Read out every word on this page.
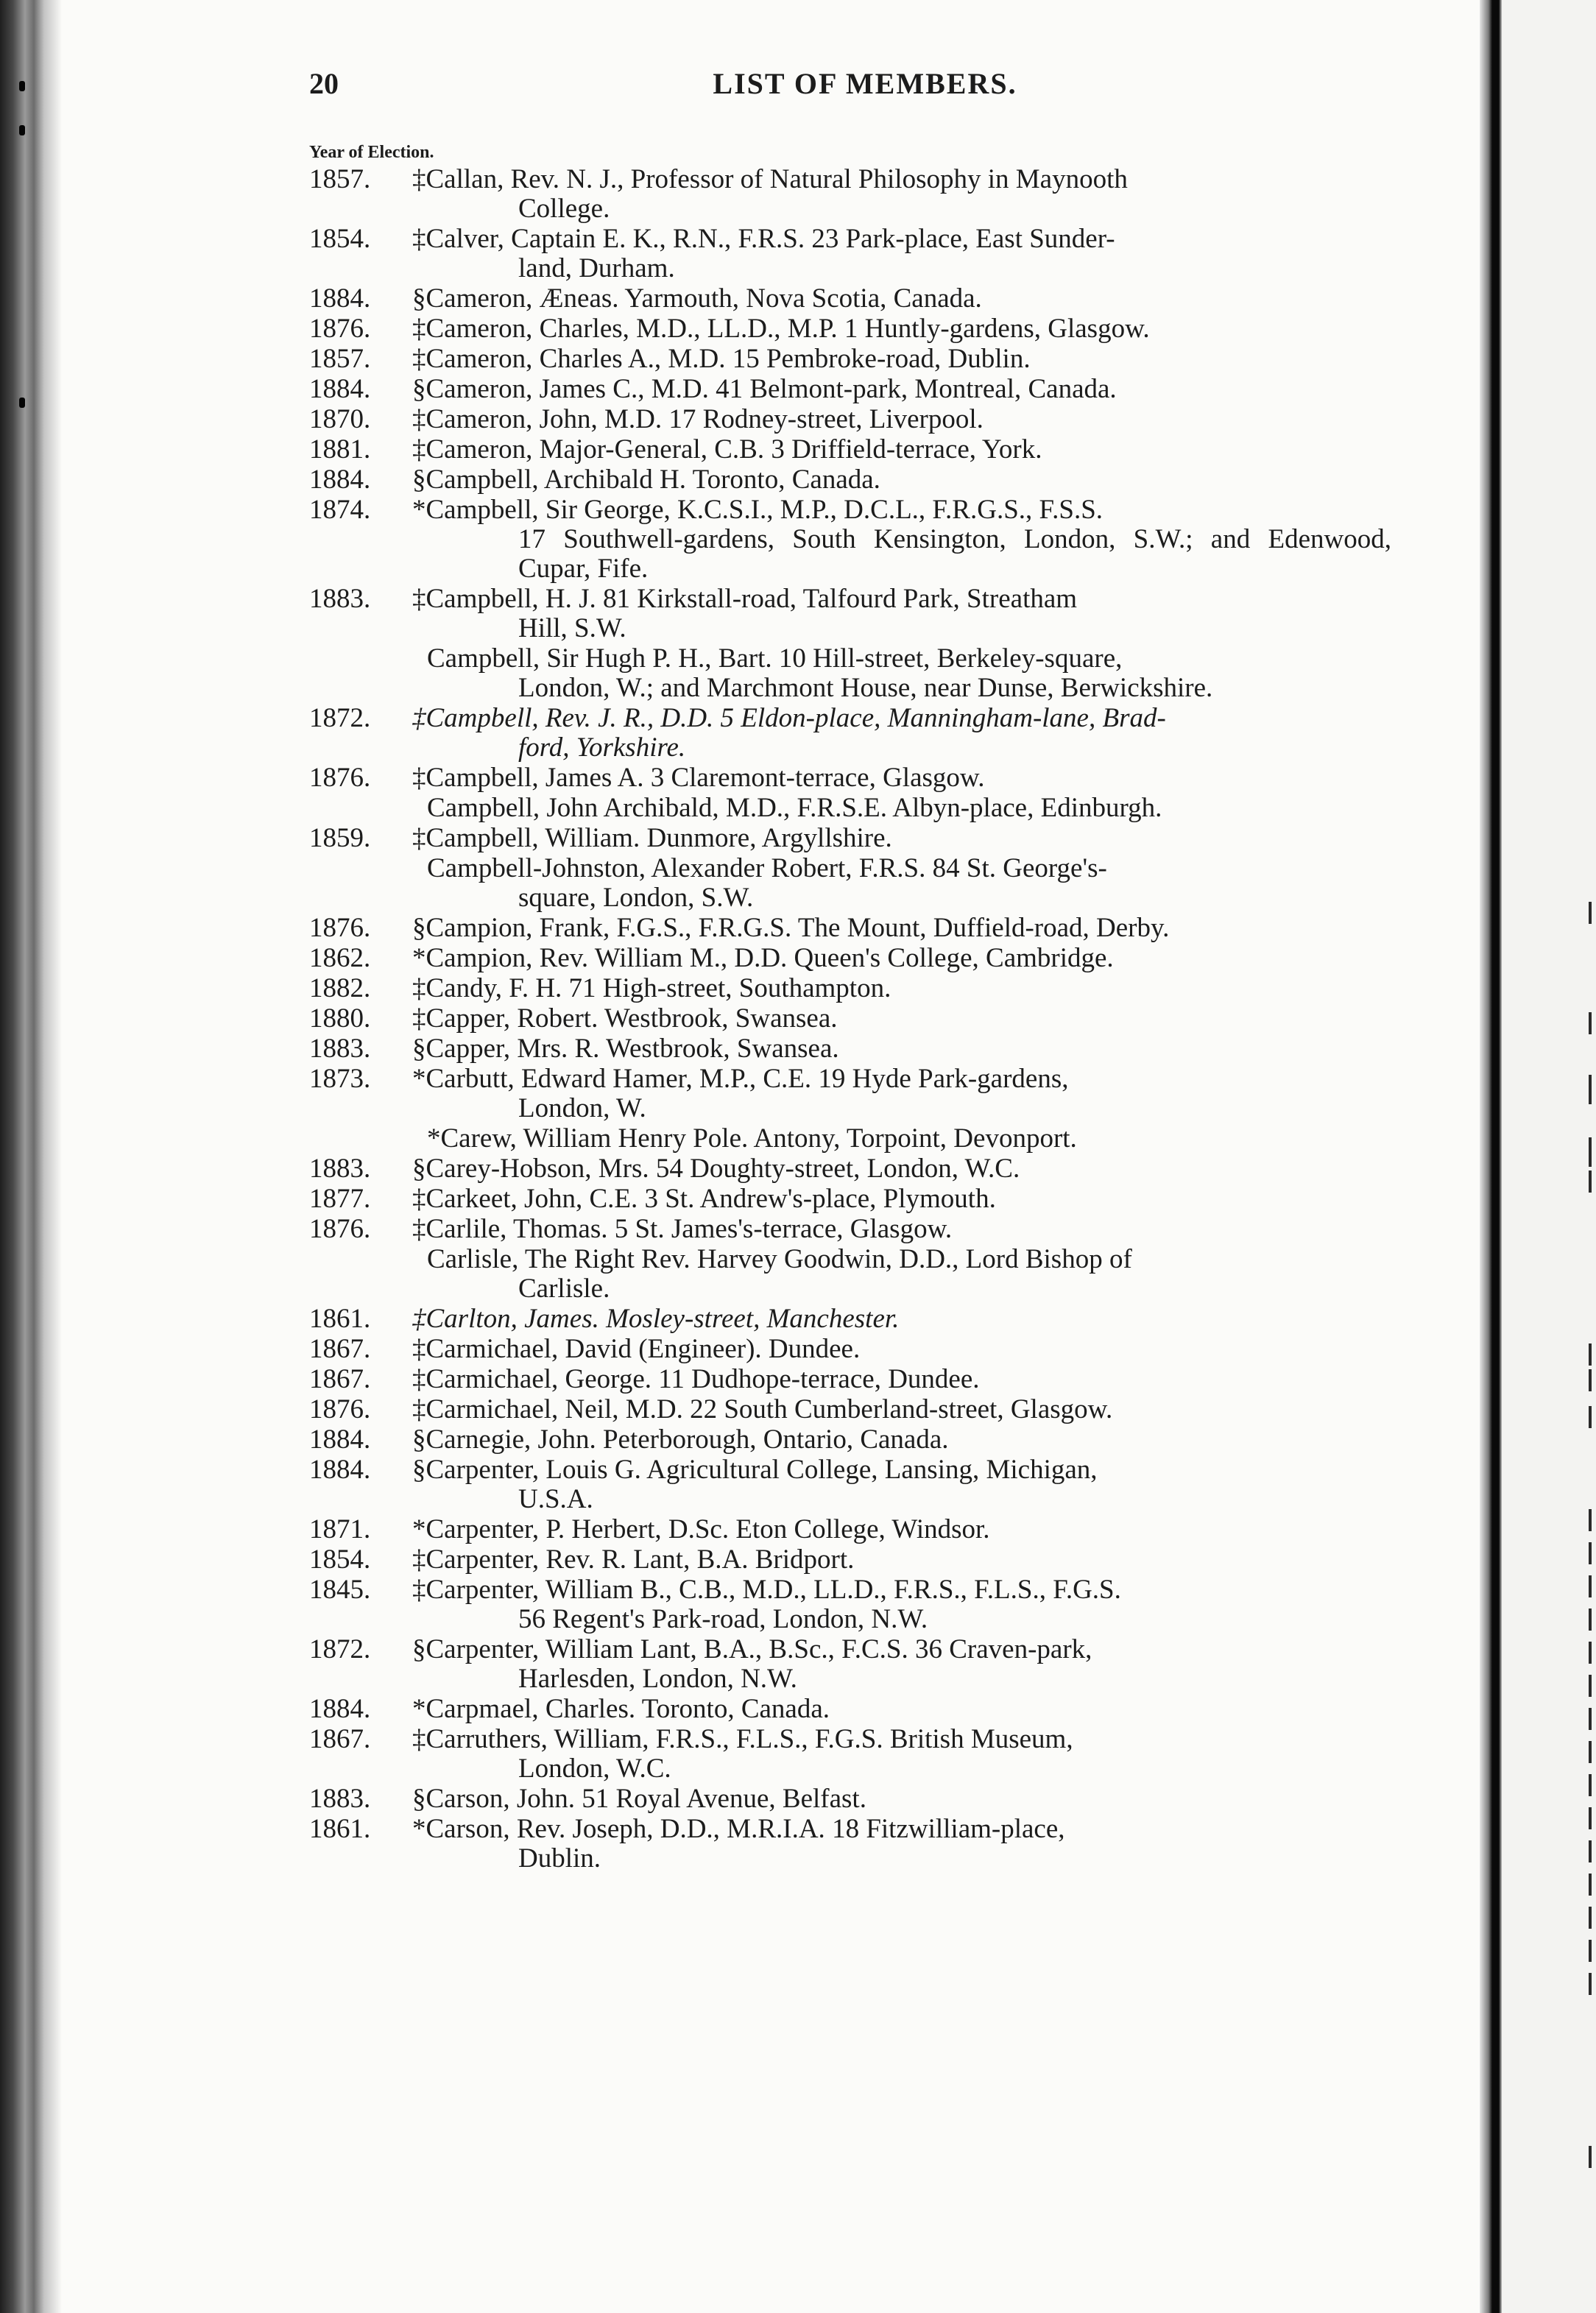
20	LIST OF MEMBERS.
Year of Election.
1857.	‡Callan, Rev. N. J., Professor of Natural Philosophy in Maynooth
College.
1854.	‡Calver, Captain E. K., R.N., F.R.S. 23 Park-place, East Sunder-
land, Durham.
1884.	§Cameron, Æneas. Yarmouth, Nova Scotia, Canada.
1876.	‡Cameron, Charles, M.D., LL.D., M.P. 1 Huntly-gardens, Glasgow.
1857.	‡Cameron, Charles A., M.D. 15 Pembroke-road, Dublin.
1884.	§Cameron, James C., M.D. 41 Belmont-park, Montreal, Canada.
1870.	‡Cameron, John, M.D. 17 Rodney-street, Liverpool.
1881.	‡Cameron, Major-General, C.B. 3 Driffield-terrace, York.
1884.	§Campbell, Archibald H. Toronto, Canada.
1874.	*Campbell, Sir George, K.C.S.I., M.P., D.C.L., F.R.G.S., F.S.S.
17 Southwell-gardens, South Kensington, London, S.W.; and Edenwood, Cupar, Fife.
1883.	‡Campbell, H. J. 81 Kirkstall-road, Talfourd Park, Streatham
Hill, S.W.
Campbell, Sir Hugh P. H., Bart. 10 Hill-street, Berkeley-square,
London, W.; and Marchmont House, near Dunse, Berwickshire.
1872.	‡Campbell, Rev. J. R., D.D. 5 Eldon-place, Manningham-lane, Brad-
ford, Yorkshire.
1876.	‡Campbell, James A. 3 Claremont-terrace, Glasgow.
Campbell, John Archibald, M.D., F.R.S.E. Albyn-place, Edinburgh.
1859.	‡Campbell, William. Dunmore, Argyllshire.
Campbell-Johnston, Alexander Robert, F.R.S. 84 St. George's-
square, London, S.W.
1876.	§Campion, Frank, F.G.S., F.R.G.S. The Mount, Duffield-road, Derby.
1862.	*Campion, Rev. William M., D.D. Queen's College, Cambridge.
1882.	‡Candy, F. H. 71 High-street, Southampton.
1880.	‡Capper, Robert. Westbrook, Swansea.
1883.	§Capper, Mrs. R. Westbrook, Swansea.
1873.	*Carbutt, Edward Hamer, M.P., C.E. 19 Hyde Park-gardens,
London, W.
*Carew, William Henry Pole. Antony, Torpoint, Devonport.
1883.	§Carey-Hobson, Mrs. 54 Doughty-street, London, W.C.
1877.	‡Carkeet, John, C.E. 3 St. Andrew's-place, Plymouth.
1876.	‡Carlile, Thomas. 5 St. James's-terrace, Glasgow.
Carlisle, The Right Rev. Harvey Goodwin, D.D., Lord Bishop of
Carlisle.
1861.	‡Carlton, James. Mosley-street, Manchester.
1867.	‡Carmichael, David (Engineer). Dundee.
1867.	‡Carmichael, George. 11 Dudhope-terrace, Dundee.
1876.	‡Carmichael, Neil, M.D. 22 South Cumberland-street, Glasgow.
1884.	§Carnegie, John. Peterborough, Ontario, Canada.
1884.	§Carpenter, Louis G. Agricultural College, Lansing, Michigan,
U.S.A.
1871.	*Carpenter, P. Herbert, D.Sc. Eton College, Windsor.
1854.	‡Carpenter, Rev. R. Lant, B.A. Bridport.
1845.	‡Carpenter, William B., C.B., M.D., LL.D., F.R.S., F.L.S., F.G.S.
56 Regent's Park-road, London, N.W.
1872.	§Carpenter, William Lant, B.A., B.Sc., F.C.S. 36 Craven-park,
Harlesden, London, N.W.
1884.	*Carpmael, Charles. Toronto, Canada.
1867.	‡Carruthers, William, F.R.S., F.L.S., F.G.S. British Museum,
London, W.C.
1883.	§Carson, John. 51 Royal Avenue, Belfast.
1861.	*Carson, Rev. Joseph, D.D., M.R.I.A. 18 Fitzwilliam-place,
Dublin.
